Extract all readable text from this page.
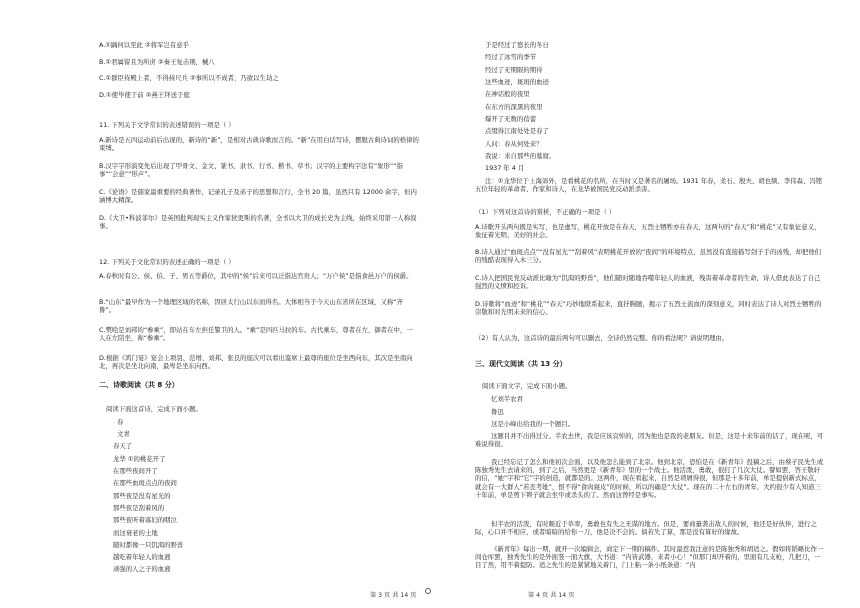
A.①踽何以至此 ②将军岂有意乎

B.①君属留且为所虏 ②秦王复击荆，械八

C.①群臣侍殿上者，不得持尺兵 ②事所以不成者，乃欲以生劫之

D.①使毕使于前 ②燕王拜送于庭

11. 下列关于文学常识的表述错误的一项是（ ）

A.新诗是五四运动前后出现的，新诗的“新”，是相对古典诗歌而言的。“新”在用白话写诗，摆脱古典诗词的格律的束缚。

B.汉字字形演变先后出现了甲骨文、金文、篆书、隶书、行书、楷书、草书；汉字的主要构字法有“象形”“指事”“会意”“形声”。

C.《论语》是儒家最重要的经典著作，记录孔子及弟子的思想和言行，全书 20 篇，虽然只有 12000 余字，但内涵博大精深。

D.《大卫•科波菲尔》是英国批判现实主义作家狄更斯的名著，全书以大卫的成长史为主线，始终采用第一人称叙事。

12. 下列关于文化常识的表述正确的一项是（ ）

A.春秋时有公、侯、伯、子、男五等爵位，其中的“侯”后来可以泛指达官贵人；“万户侯”是指食邑万户的侯爵。

B.“山东”最早作为一个地理区域的名称，因居太行山以东而得名。大体相当于今天山东省所在区域，又称“齐鲁”。

C.樊哙是刘邦的“参乘”，即站在车左担任警卫的人。“乘”是四匹马拉的车。古代乘车，尊者在左，御者在中，一人在左陪坐，称“参乘”。

D.根据《鸿门宴》宴会上项羽、范增、刘邦、张良的座次可以看出鉴席上最尊的座位是坐西向东，其次是坐南向北，再次是坐北向南，最卑是坐东向西。

二、诗歌阅读（共 8 分）

阅读下面这首诗，完成下面小题。

春

文青

春天了

龙华 ①的桃花开了

在那些夜间开了

在那些血斑点点的夜间

那些夜是没有星光的

那些夜是刮着风的

那些夜听着寡妇的咽泣

而这衰老的土地

随时都像一只饥渴的野兽

越吃着年轻人的血液

顽强的人之子的血液

第 3 页 共 14 页

于是经过了悠长的冬日

经过了冰雪的季节

经过了无期限的期待

这些血迹，斑斑的血迹

在神话般的夜里

在东方的深黑的夜里

爆开了无数的蓓蕾

点缀得江南处处是春了

人问：春从何处来？

我说：来自那些的墓窟。

1937 年 4 月

注：①龙华位于上海郊外，是看桃花的名所，在当时又是著名的屠场。1931 年春，柔石、殷夫、胡也频、李伟森、冯铿五位年轻的革命者、作家和诗人，在龙华被国民党反动派杀害。

（1）下列对这首诗的赏析，不正确的一项是（ ）

A.诗歌开头两句既是实写，也是虚写，桃花开放是在春天，五烈士牺牲亦在春天，这两句的“春天”和“桃花”又有象征意义，象征着光明、美好的社会。

B.诗人通过“血斑点点”“没有星光”“刮着风”表明桃花开放的“夜间”的环境特点，虽然没有直接描写刽子手的凶残，却把他们的残酷表现得入木三分。

C.诗人把国民党反动派比喻为“饥渴的野兽”，他们随时随地吞噬年轻人的血液，残害着革命者的生命，诗人借此表达了自己强烈的义愤和控诉。

D.诗歌将“血迹”和“桃花”“春天”巧妙地联系起来，直抒胸臆，揭示了五烈士流血的深刻意义，同时表达了诗人对烈士牺牲的崇敬和对光明未来的信心。

（2）有人认为，这首诗的最后两句可以删去，全诗仍然完整。你的看法呢？请说明理由。

三、现代文阅读（共 13 分）

阅读下面文字，完成下面小题。

忆刘半农君

鲁迅

这是小峰出给我的一个题目。

这题目并不出得过分。半农去世，我是应该哀悼的，因为他也是我的老朋友。但是，这是十来年前的话了，现在呢，可难说得很。

我已经忘记了怎么和他初次会面，以及他怎么能到了北京。他到北京，恐怕是在《新青年》投稿之后，由蔡孑民先生或陈独秀先生去请来的，到了之后，当然更是《新青年》里的一个战士。他活泼，勇敢，很打了几次大仗。譬如罢，答王敬轩的信，“她”字和“它”字的创造，就都是的。这两件，现在看起来，自然是琐屑得很，但那是十多年前，单是提倡新式标点，就会有一大群人“若丧考妣”，恨不得“食肉寝皮”的时候，所以的确是“大仗”。现在的二十左右的青年，大约很少有人知道三十年前，单是剪下辫子就会坐牢或杀头的了。然而这曾经是事实。

但半农的活泼，有时颇近于草率，勇敢也有失之无谋的地方。但是，要商量袭击敌人的时候，他还是好伙伴，进行之际，心口并不相应，或者暗暗的给你一刀，他是决不会的。倘若失了算，那是没有算好的缘故。

《新青年》每出一期，就开一次编辑会，商定下一期的稿件。其时最惹我注意的是陈独秀和胡适之。假如将韬略比作一间仓库罢，独秀先生的是外面竖一面大旗，大书道：“内皆武器，来者小心！”但那门却开着的，里面有几支枪，几把刀，一目了然，用不着提防。适之先生的是紧紧地关着门，门上粘一条小纸条道：“内

第 4 页 共 14 页
